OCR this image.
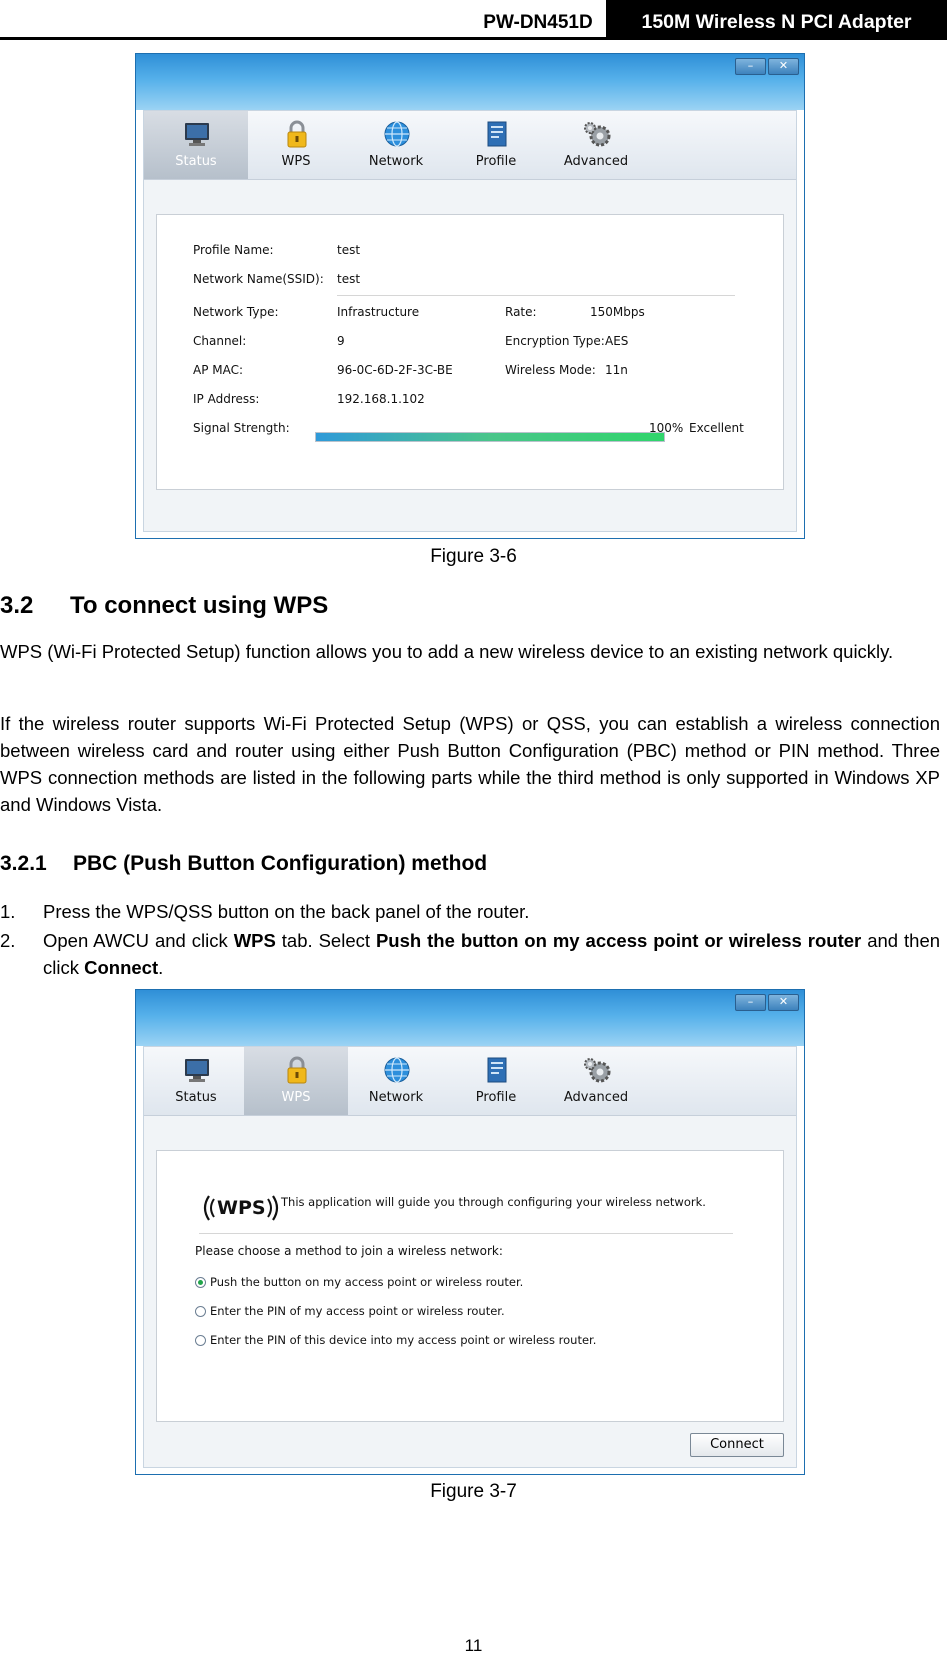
PW-DN451D	150M Wireless N PCI Adapter
–	✕
Status	WPS	Network	Profile	Advanced
Profile Name:	test
Network Name(SSID): test
Network Type:	Infrastructure	Rate:	150Mbps
Channel:	9	Encryption Type: AES
AP MAC:	96-0C-6D-2F-3C-BE	Wireless Mode: 11n
IP Address:	192.168.1.102
Signal Strength:	100% Excellent
Figure 3-6
3.2 To connect using WPS
WPS (Wi-Fi Protected Setup) function allows you to add a new wireless device to an existing network quickly.
If the wireless router supports Wi-Fi Protected Setup (WPS) or QSS, you can establish a wireless connection between wireless card and router using either Push Button Configuration (PBC) method or PIN method. Three WPS connection methods are listed in the following parts while the third method is only supported in Windows XP and Windows Vista.
3.2.1 PBC (Push Button Configuration) method
1. Press the WPS/QSS button on the back panel of the router.
2. Open AWCU and click WPS tab. Select Push the button on my access point or wireless router and then click Connect.
–	✕
Status	WPS	Network	Profile	Advanced
WPS This application will guide you through configuring your wireless network.
Please choose a method to join a wireless network:
Push the button on my access point or wireless router.
Enter the PIN of my access point or wireless router.
Enter the PIN of this device into my access point or wireless router.
Connect
Figure 3-7
11
